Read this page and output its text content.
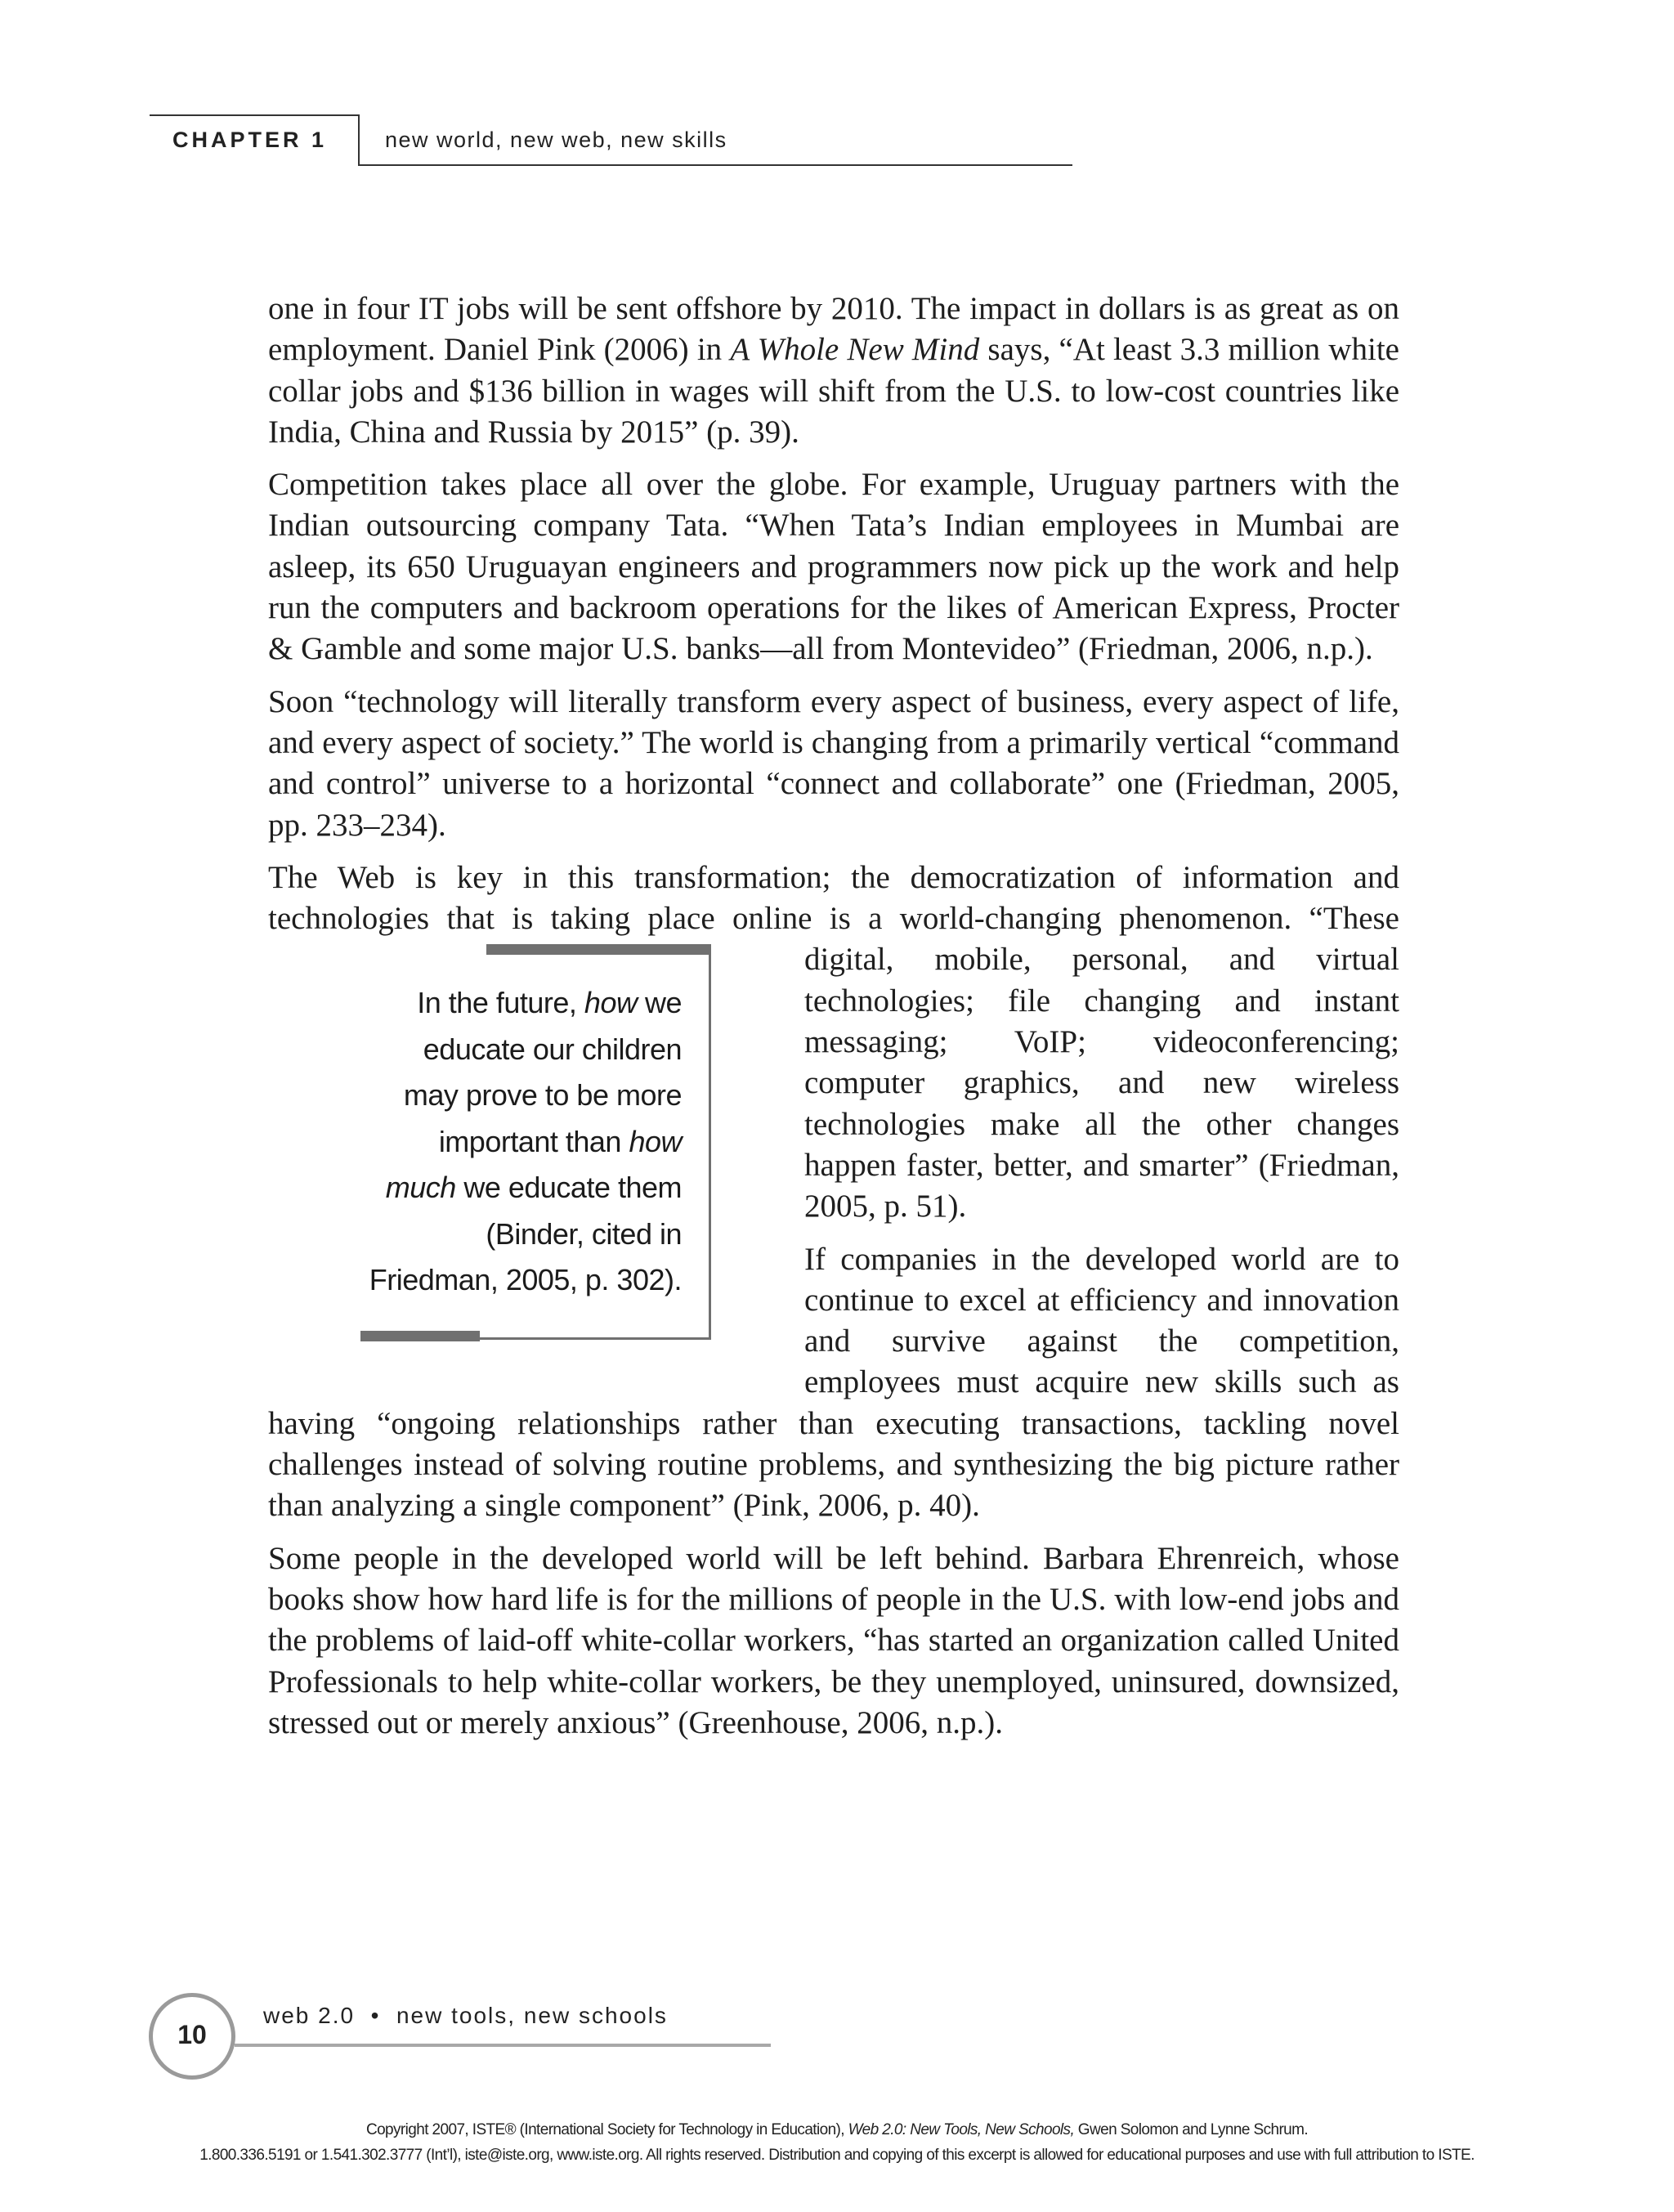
CHAPTER 1	new world, new web, new skills

one in four IT jobs will be sent offshore by 2010. The impact in dollars is as great as on employment. Daniel Pink (2006) in A Whole New Mind says, “At least 3.3 million white collar jobs and $136 billion in wages will shift from the U.S. to low-cost countries like India, China and Russia by 2015” (p. 39).

Competition takes place all over the globe. For example, Uruguay partners with the Indian outsourcing company Tata. “When Tata’s Indian employees in Mumbai are asleep, its 650 Uruguayan engineers and programmers now pick up the work and help run the computers and backroom operations for the likes of American Express, Procter & Gamble and some major U.S. banks—all from Montevideo” (Friedman, 2006, n.p.).

Soon “technology will literally transform every aspect of business, every aspect of life, and every aspect of society.” The world is changing from a primarily vertical “command and control” universe to a horizontal “connect and collaborate” one (Friedman, 2005, pp. 233–234).

The Web is key in this transformation; the democratization of information and technologies that is taking place online is a world-changing phenomenon. “These
In the future, how we educate our children may prove to be more important than how much we educate them (Binder, cited in Friedman, 2005, p. 302).
digital, mobile, personal, and virtual technologies; file changing and instant messaging; VoIP; videoconferencing; computer graphics, and new wireless technologies make all the other changes happen faster, better, and smarter” (Friedman, 2005, p. 51).

If companies in the developed world are to continue to excel at efficiency and innovation and survive against the competition, employees must acquire new skills such as having “ongoing relationships rather than executing transactions, tackling novel challenges instead of solving routine problems, and synthesizing the big picture rather than analyzing a single component” (Pink, 2006, p. 40).

Some people in the developed world will be left behind. Barbara Ehrenreich, whose books show how hard life is for the millions of people in the U.S. with low-end jobs and the problems of laid-off white-collar workers, “has started an organization called United Professionals to help white-collar workers, be they unemployed, uninsured, downsized, stressed out or merely anxious” (Greenhouse, 2006, n.p.).

10
web 2.0  •  new tools, new schools
Copyright 2007, ISTE® (International Society for Technology in Education), Web 2.0: New Tools, New Schools, Gwen Solomon and Lynne Schrum.
1.800.336.5191 or 1.541.302.3777 (Int’l), iste@iste.org, www.iste.org. All rights reserved. Distribution and copying of this excerpt is allowed for educational purposes and use with full attribution to ISTE.
